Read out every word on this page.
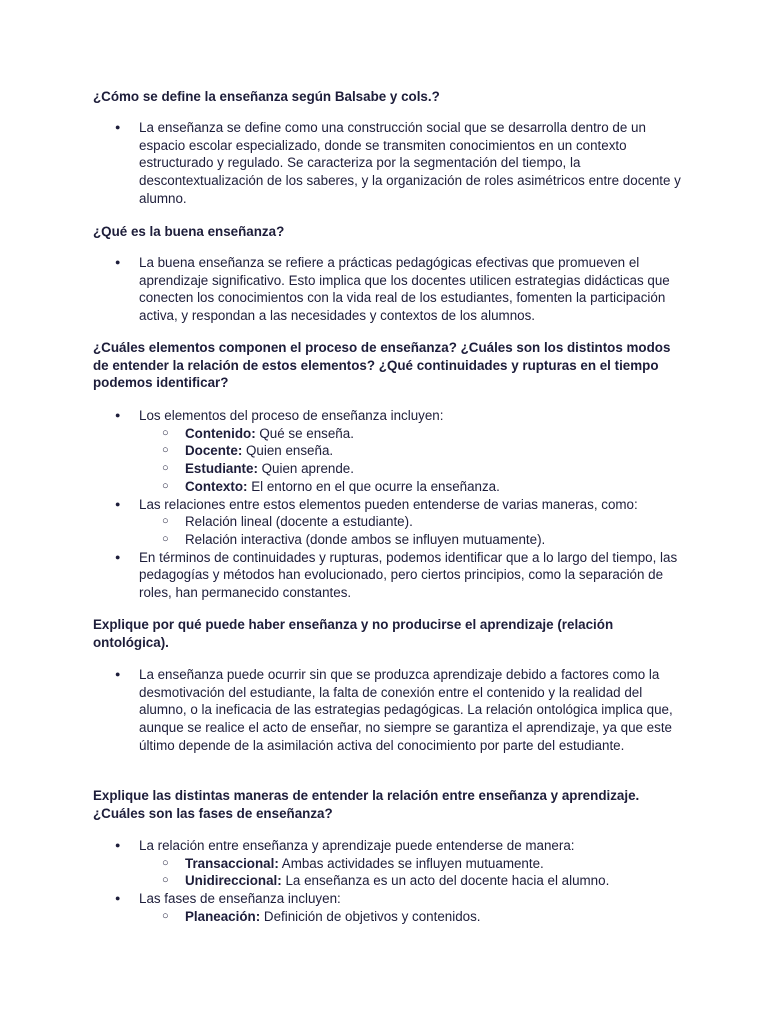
¿Cómo se define la enseñanza según Balsabe y cols.?

● La enseñanza se define como una construcción social que se desarrolla dentro de un espacio escolar especializado, donde se transmiten conocimientos en un contexto estructurado y regulado. Se caracteriza por la segmentación del tiempo, la descontextualización de los saberes, y la organización de roles asimétricos entre docente y alumno.

¿Qué es la buena enseñanza?

● La buena enseñanza se refiere a prácticas pedagógicas efectivas que promueven el aprendizaje significativo. Esto implica que los docentes utilicen estrategias didácticas que conecten los conocimientos con la vida real de los estudiantes, fomenten la participación activa, y respondan a las necesidades y contextos de los alumnos.

¿Cuáles elementos componen el proceso de enseñanza? ¿Cuáles son los distintos modos de entender la relación de estos elementos? ¿Qué continuidades y rupturas en el tiempo podemos identificar?

● Los elementos del proceso de enseñanza incluyen:
○ Contenido: Qué se enseña.
○ Docente: Quien enseña.
○ Estudiante: Quien aprende.
○ Contexto: El entorno en el que ocurre la enseñanza.
● Las relaciones entre estos elementos pueden entenderse de varias maneras, como:
○ Relación lineal (docente a estudiante).
○ Relación interactiva (donde ambos se influyen mutuamente).
● En términos de continuidades y rupturas, podemos identificar que a lo largo del tiempo, las pedagogías y métodos han evolucionado, pero ciertos principios, como la separación de roles, han permanecido constantes.

Explique por qué puede haber enseñanza y no producirse el aprendizaje (relación ontológica).

● La enseñanza puede ocurrir sin que se produzca aprendizaje debido a factores como la desmotivación del estudiante, la falta de conexión entre el contenido y la realidad del alumno, o la ineficacia de las estrategias pedagógicas. La relación ontológica implica que, aunque se realice el acto de enseñar, no siempre se garantiza el aprendizaje, ya que este último depende de la asimilación activa del conocimiento por parte del estudiante.

Explique las distintas maneras de entender la relación entre enseñanza y aprendizaje. ¿Cuáles son las fases de enseñanza?

● La relación entre enseñanza y aprendizaje puede entenderse de manera:
○ Transaccional: Ambas actividades se influyen mutuamente.
○ Unidireccional: La enseñanza es un acto del docente hacia el alumno.
● Las fases de enseñanza incluyen:
○ Planeación: Definición de objetivos y contenidos.
